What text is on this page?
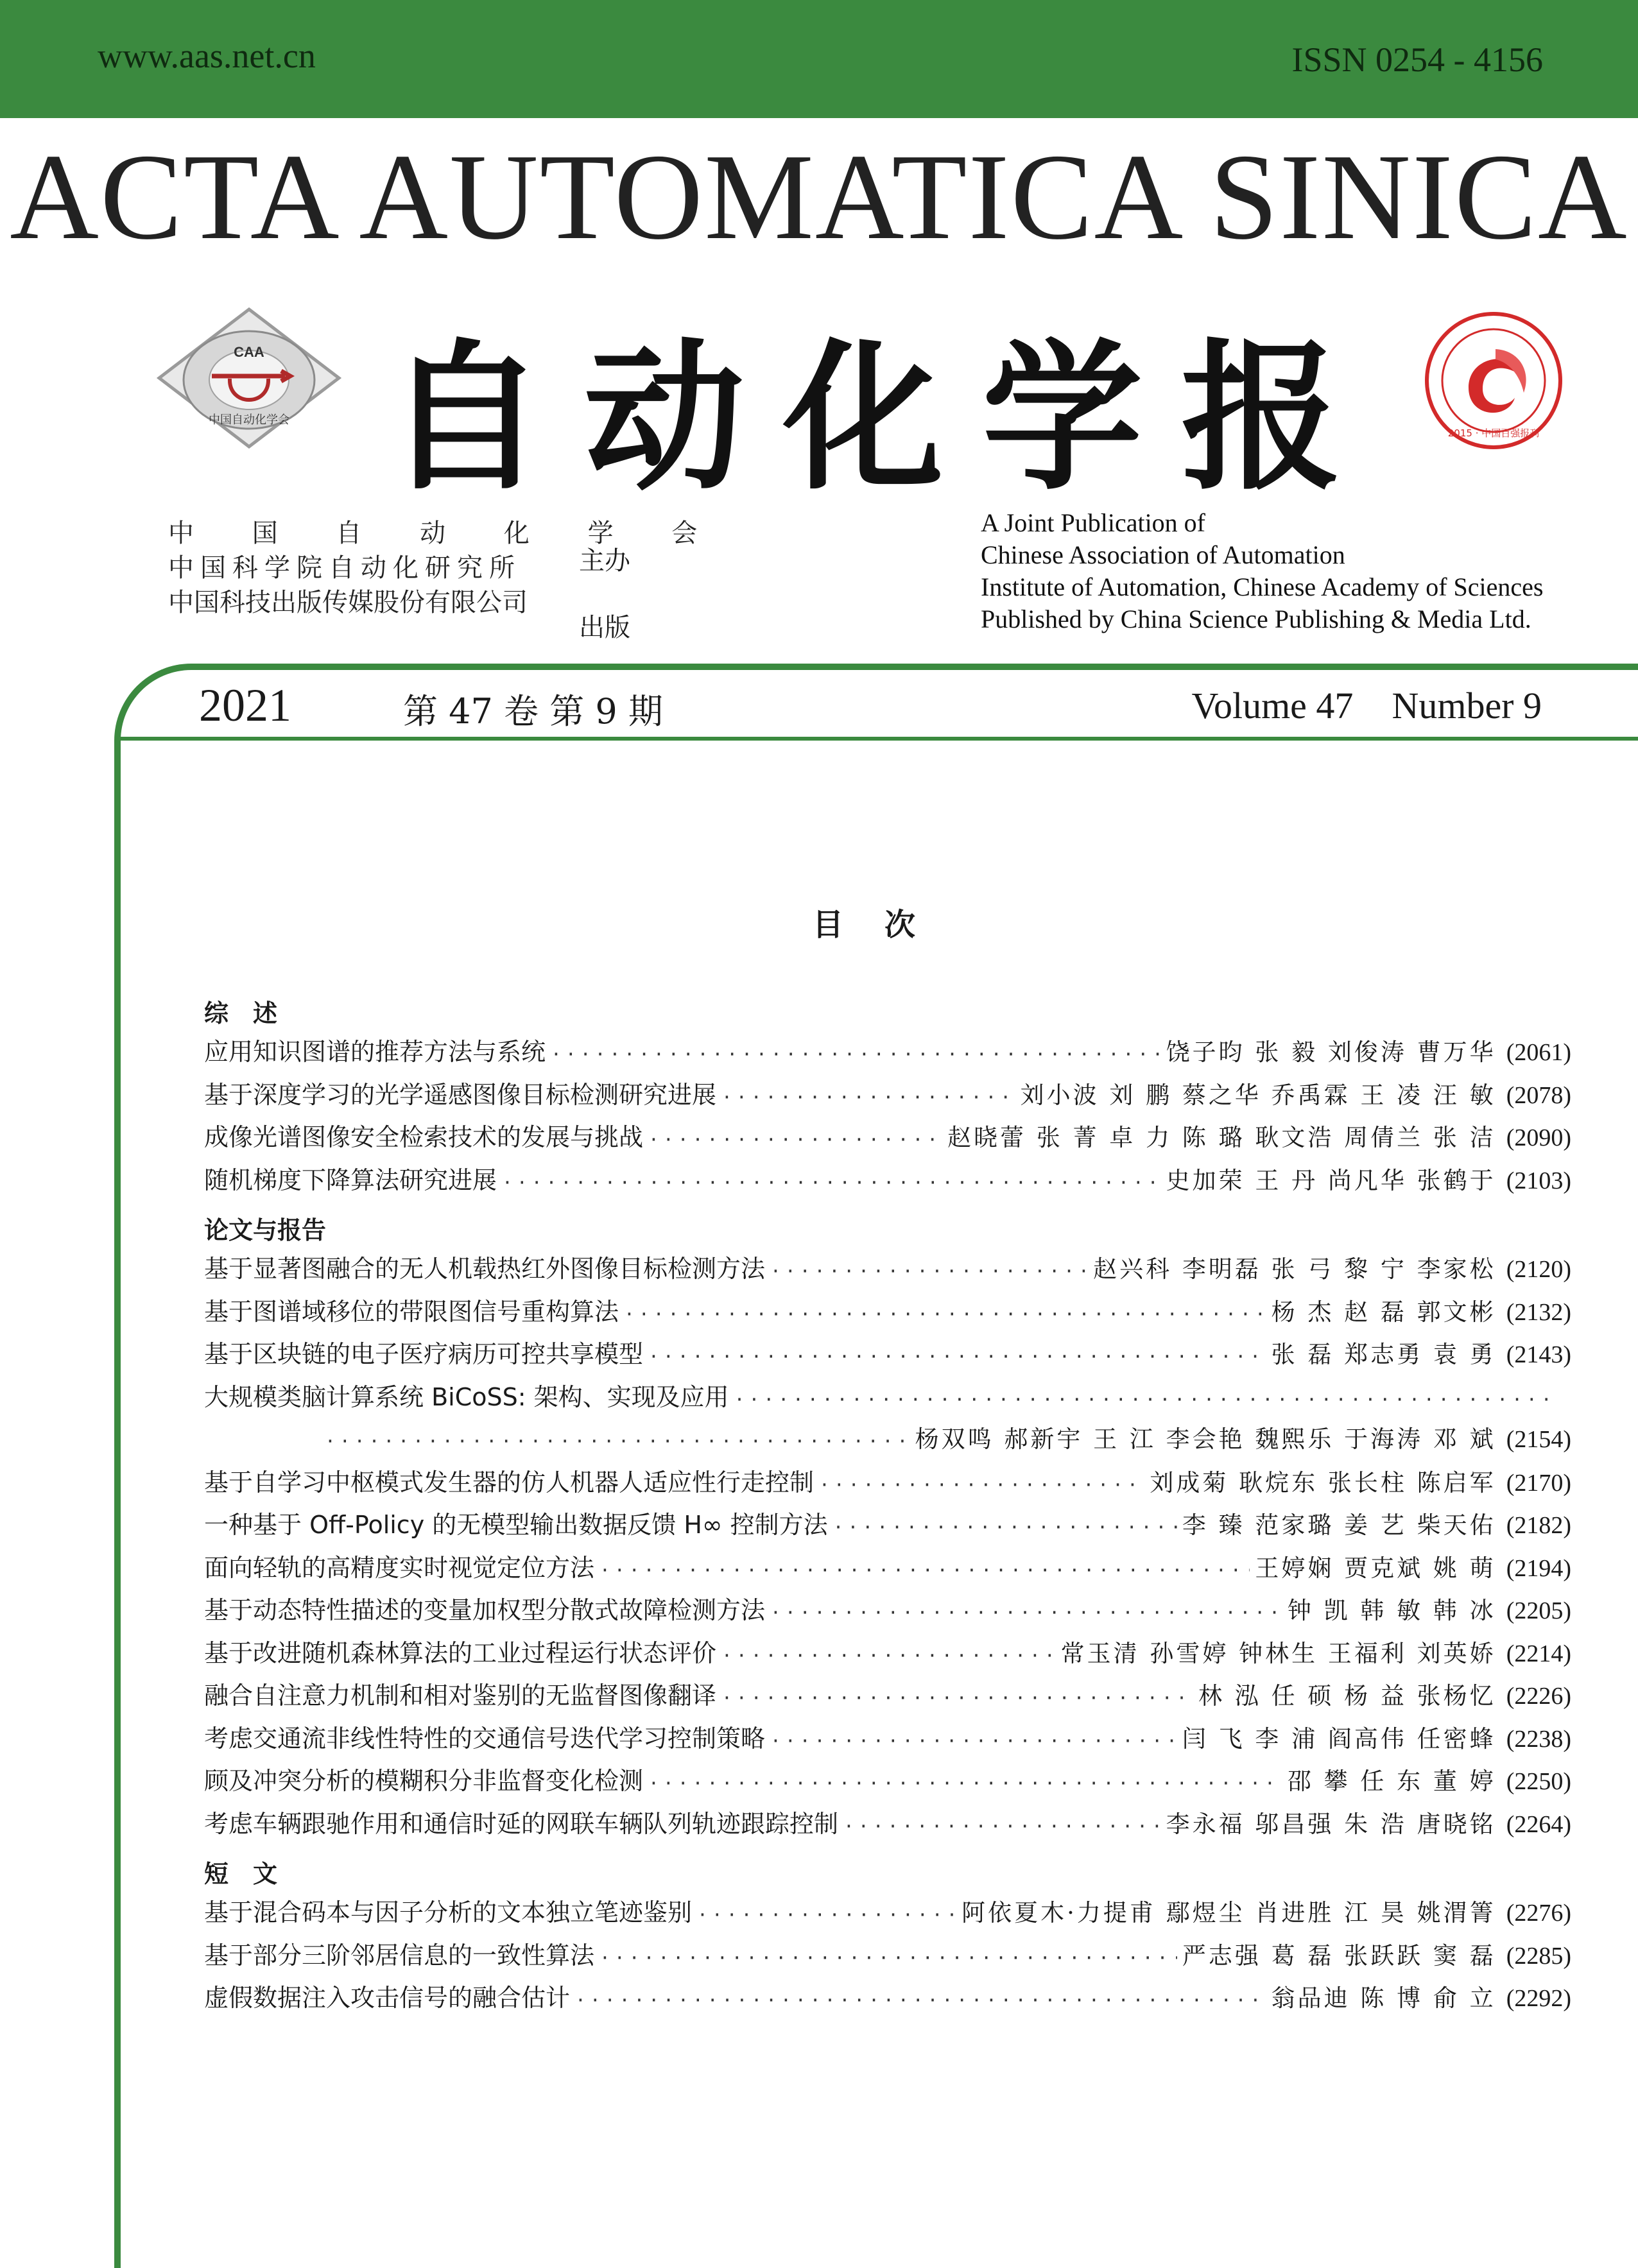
www.aas.net.cn	ISSN 0254 - 4156
ACTA AUTOMATICA SINICA
CAA
中国自动化学会 自动化学报	2015 · 中国百强报刊
中 国 自 动 化 学 会
中国科学院自动化研究所
中国科技出版传媒股份有限公司
主办
出版
A Joint Publication of
Chinese Association of Automation
Institute of Automation, Chinese Academy of Sciences
Published by China Science Publishing & Media Ltd.
2021	第 47 卷 第 9 期	Volume 47 Number 9
目次
综　述
应用知识图谱的推荐方法与系统 ·····	饶子昀 张 毅 刘俊涛 曹万华 (2061)
基于深度学习的光学遥感图像目标检测研究进展 ·····	刘小波 刘 鹏 蔡之华 乔禹霖 王 凌 汪 敏 (2078)
成像光谱图像安全检索技术的发展与挑战 ·····	赵晓蕾 张 菁 卓 力 陈 璐 耿文浩 周倩兰 张 洁 (2090)
随机梯度下降算法研究进展 ·····	史加荣 王 丹 尚凡华 张鹤于 (2103)
论文与报告
基于显著图融合的无人机载热红外图像目标检测方法 ·····	赵兴科 李明磊 张 弓 黎 宁 李家松 (2120)
基于图谱域移位的带限图信号重构算法 ·····	杨 杰 赵 磊 郭文彬 (2132)
基于区块链的电子医疗病历可控共享模型 ·····	张 磊 郑志勇 袁 勇 (2143)
大规模类脑计算系统 BiCoSS: 架构、实现及应用
·····
·····
杨双鸣 郝新宇 王 江 李会艳 魏熙乐 于海涛 邓 斌 (2154)
基于自学习中枢模式发生器的仿人机器人适应性行走控制 ·····	刘成菊 耿烷东 张长柱 陈启军 (2170)
一种基于 Off-Policy 的无模型输出数据反馈 H∞ 控制方法 ·····	李 臻 范家璐 姜 艺 柴天佑 (2182)
面向轻轨的高精度实时视觉定位方法 ·····	王婷娴 贾克斌 姚 萌 (2194)
基于动态特性描述的变量加权型分散式故障检测方法 ·····	钟 凯 韩 敏 韩 冰 (2205)
基于改进随机森林算法的工业过程运行状态评价 ·····	常玉清 孙雪婷 钟林生 王福利 刘英娇 (2214)
融合自注意力机制和相对鉴别的无监督图像翻译 ·····	林 泓 任 硕 杨 益 张杨忆 (2226)
考虑交通流非线性特性的交通信号迭代学习控制策略 ·····	闫 飞 李 浦 阎高伟 任密蜂 (2238)
顾及冲突分析的模糊积分非监督变化检测 ·····	邵 攀 任 东 董 婷 (2250)
考虑车辆跟驰作用和通信时延的网联车辆队列轨迹跟踪控制 ·····	李永福 邬昌强 朱 浩 唐晓铭 (2264)
短　文
基于混合码本与因子分析的文本独立笔迹鉴别 ·····	阿依夏木·力提甫 鄢煜尘 肖进胜 江 昊 姚渭箐 (2276)
基于部分三阶邻居信息的一致性算法 ·····	严志强 葛 磊 张跃跃 窦 磊 (2285)
虚假数据注入攻击信号的融合估计 ·····	翁品迪 陈 博 俞 立 (2292)
